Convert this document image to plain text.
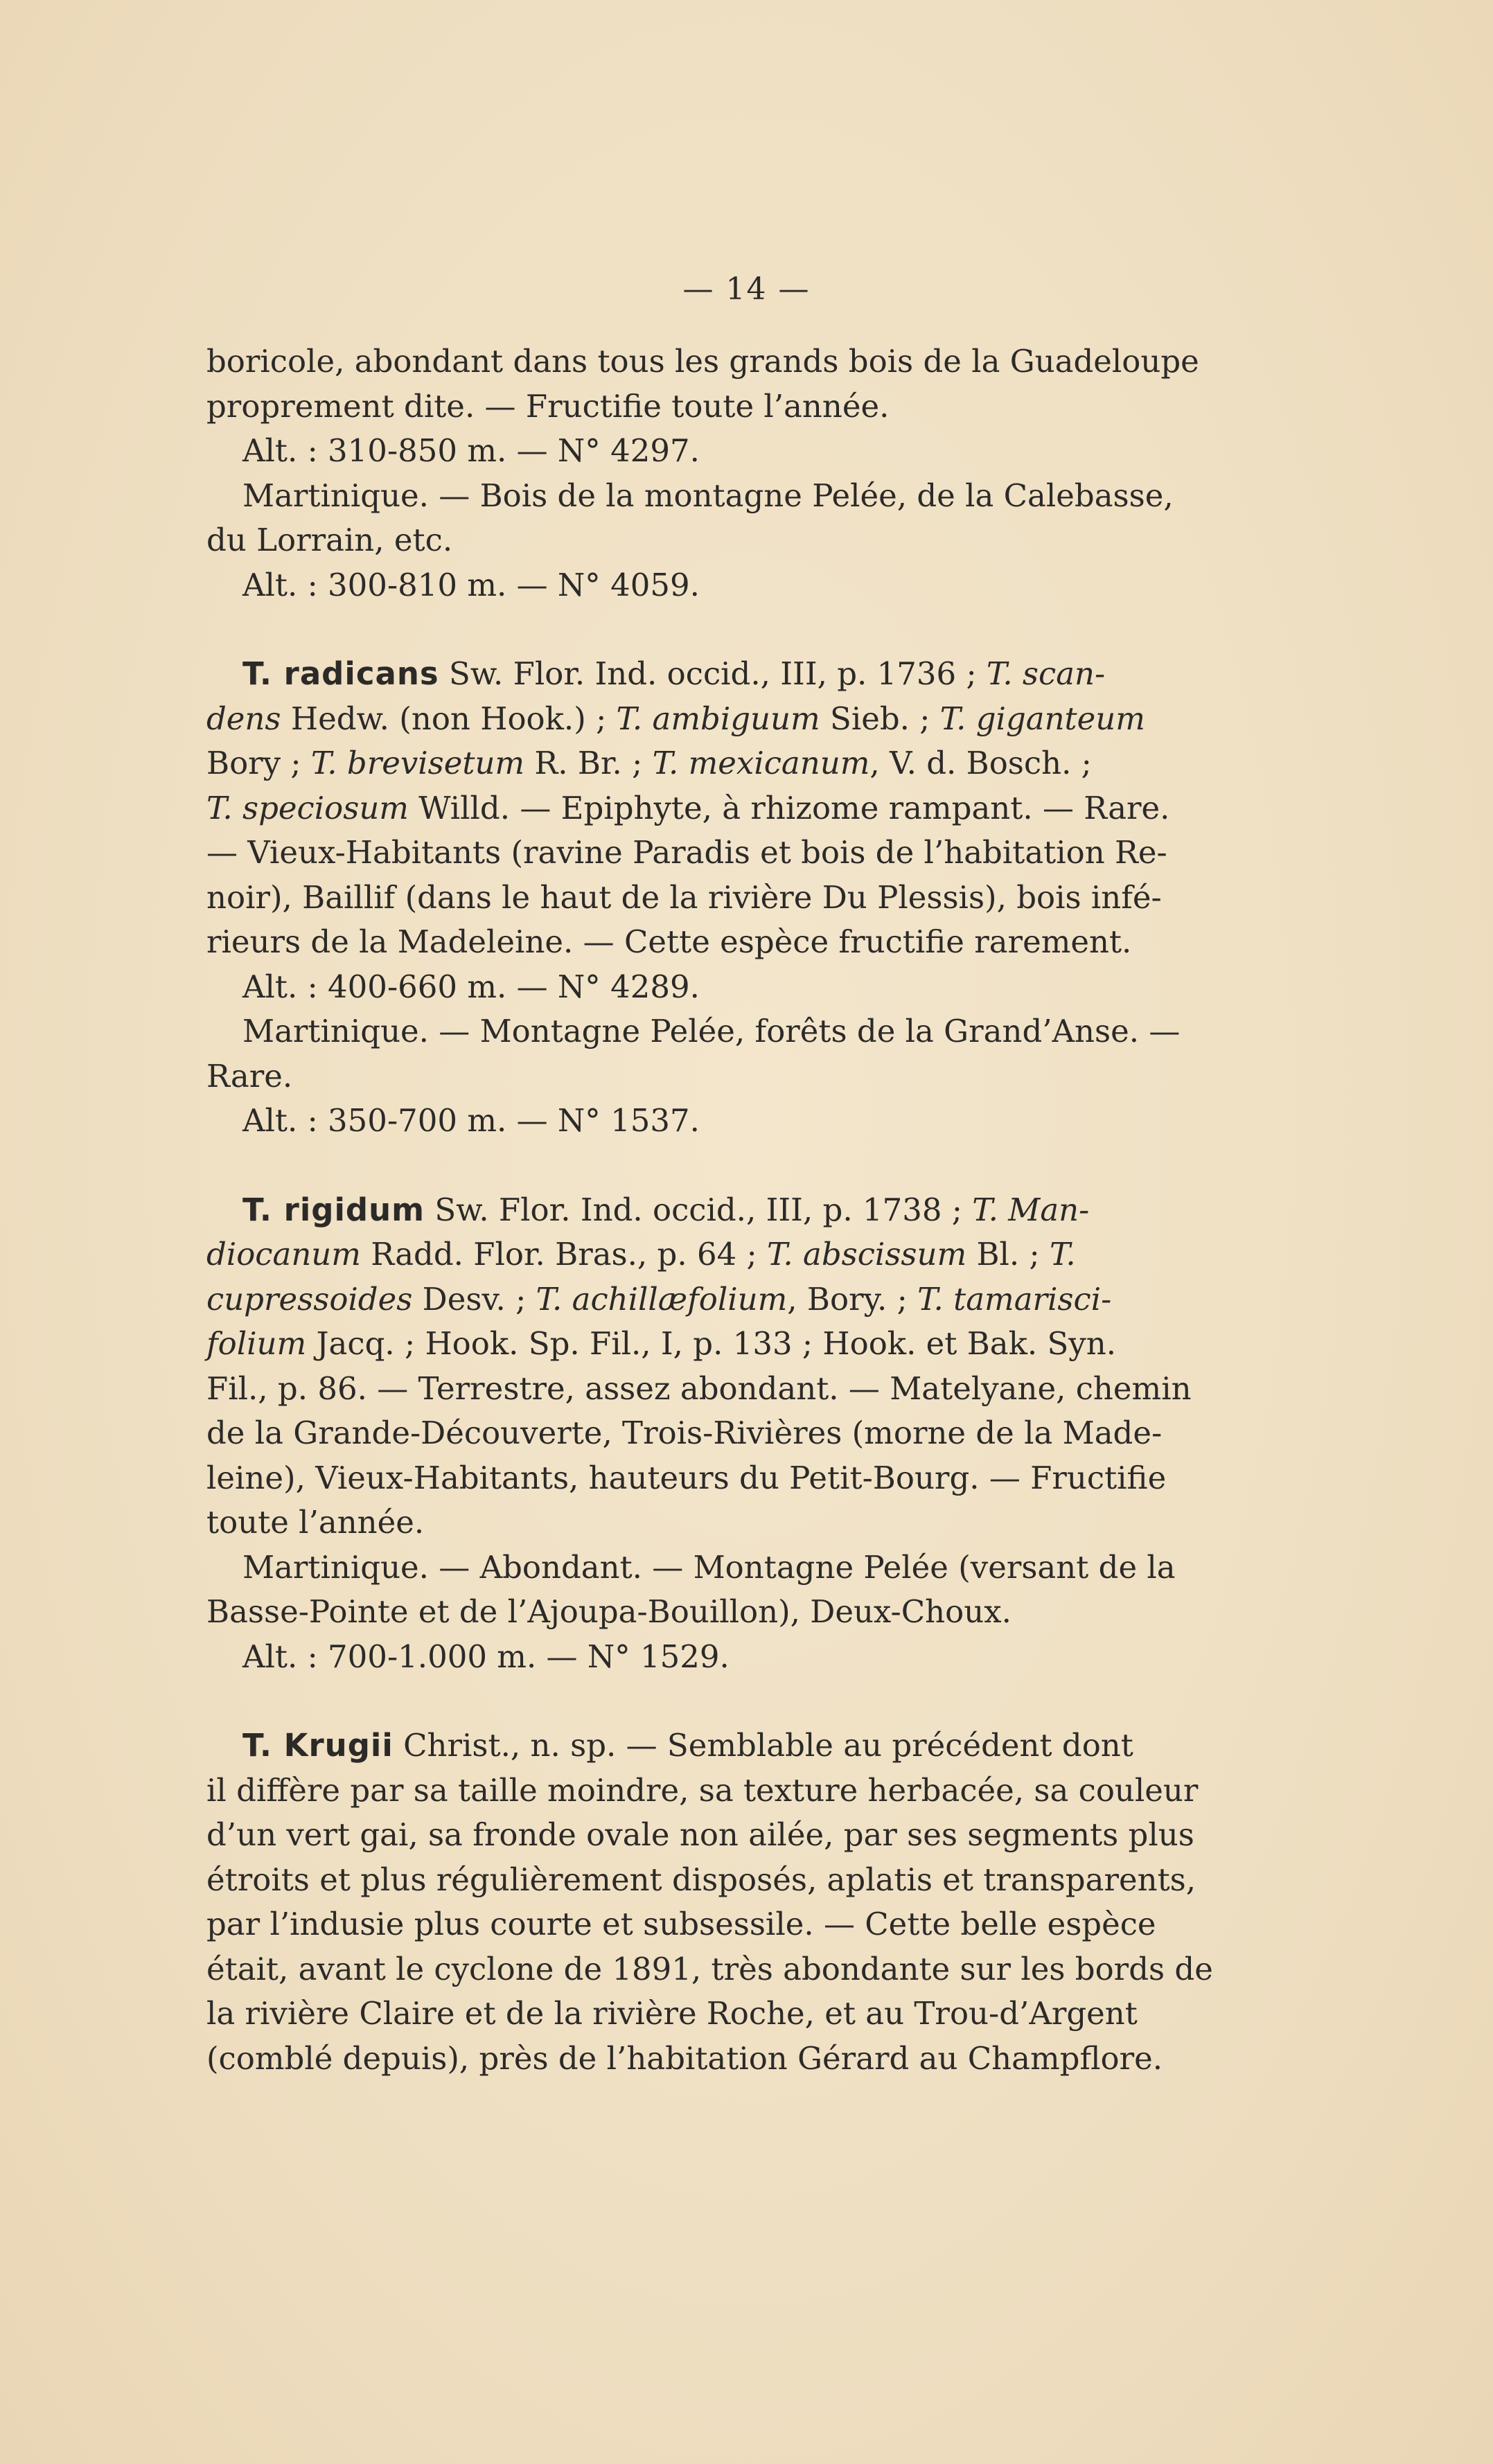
— 14 —
boricole, abondant dans tous les grands bois de la Guadeloupe
proprement dite. — Fructifie toute l’année.
Alt. : 310-850 m. — N° 4297.
Martinique. — Bois de la montagne Pelée, de la Calebasse,
du Lorrain, etc.
Alt. : 300-810 m. — N° 4059.
T. radicans Sw. Flor. Ind. occid., III, p. 1736 ; T. scan-
dens Hedw. (non Hook.) ; T. ambiguum Sieb. ; T. giganteum
Bory ; T. brevisetum R. Br. ; T. mexicanum, V. d. Bosch. ;
T. speciosum Willd. — Epiphyte, à rhizome rampant. — Rare.
— Vieux-Habitants (ravine Paradis et bois de l’habitation Re-
noir), Baillif (dans le haut de la rivière Du Plessis), bois infé-
rieurs de la Madeleine. — Cette espèce fructifie rarement.
Alt. : 400-660 m. — N° 4289.
Martinique. — Montagne Pelée, forêts de la Grand’Anse. —
Rare.
Alt. : 350-700 m. — N° 1537.
T. rigidum Sw. Flor. Ind. occid., III, p. 1738 ; T. Man-
diocanum Radd. Flor. Bras., p. 64 ; T. abscissum Bl. ; T.
cupressoides Desv. ; T. achillæfolium, Bory. ; T. tamarisci-
folium Jacq. ; Hook. Sp. Fil., I, p. 133 ; Hook. et Bak. Syn.
Fil., p. 86. — Terrestre, assez abondant. — Matelyane, chemin
de la Grande-Découverte, Trois-Rivières (morne de la Made-
leine), Vieux-Habitants, hauteurs du Petit-Bourg. — Fructifie
toute l’année.
Martinique. — Abondant. — Montagne Pelée (versant de la
Basse-Pointe et de l’Ajoupa-Bouillon), Deux-Choux.
Alt. : 700-1.000 m. — N° 1529.
T. Krugii Christ., n. sp. — Semblable au précédent dont
il diffère par sa taille moindre, sa texture herbacée, sa couleur
d’un vert gai, sa fronde ovale non ailée, par ses segments plus
étroits et plus régulièrement disposés, aplatis et transparents,
par l’indusie plus courte et subsessile. — Cette belle espèce
était, avant le cyclone de 1891, très abondante sur les bords de
la rivière Claire et de la rivière Roche, et au Trou-d’Argent
(comblé depuis), près de l’habitation Gérard au Champflore.
